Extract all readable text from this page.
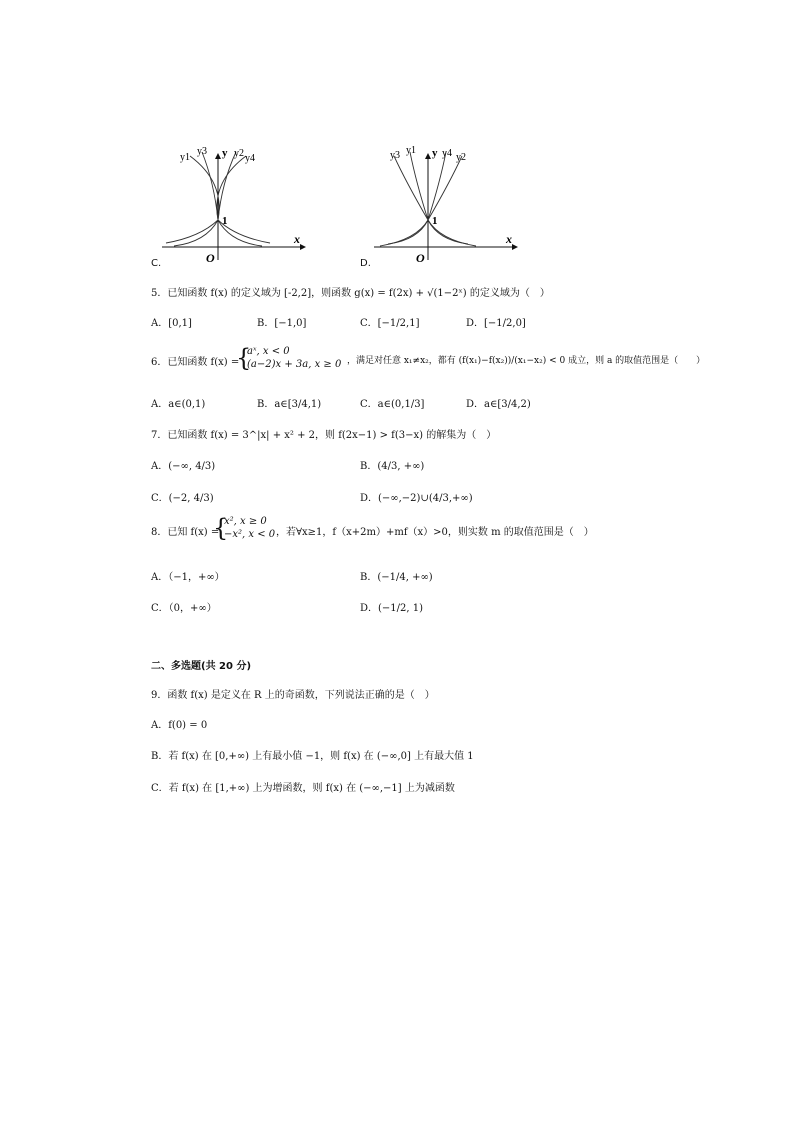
y1
y3 y y2 y4
1
x
O
C.
y3 y1 y y4 y2
1
x
O
D.
5．已知函数 f(x) 的定义域为 [-2,2]，则函数 g(x) = f(2x) + √(1−2ˣ) 的定义域为（　）
A．[0,1]	B．[−1,0]	C．[−1/2,1]	D．[−1/2,0]
6．已知函数 f(x) =
{
aˣ, x < 0
(a−2)x + 3a, x ≥ 0 ，满足对任意 x₁≠x₂，都有 (f(x₁)−f(x₂))/(x₁−x₂) < 0 成立，则 a 的取值范围是（　　）
A．a∈(0,1)	B．a∈[3/4,1)	C．a∈(0,1/3]	D．a∈[3/4,2)
7．已知函数 f(x) = 3^|x| + x² + 2，则 f(2x−1) > f(3−x) 的解集为（　）
A．(−∞, 4/3)	B．(4/3, +∞)
C．(−2, 4/3)	D．(−∞,−2)∪(4/3,+∞)
8．已知 f(x) =
{
x², x ≥ 0
−x², x < 0 ，若∀x≥1，f（x+2m）+mf（x）>0，则实数 m 的取值范围是（　）
A．（−1，+∞）	B．(−1/4, +∞)
C．（0，+∞）	D．(−1/2, 1)
二、多选题(共 20 分)
9．函数 f(x) 是定义在 R 上的奇函数，下列说法正确的是（　）
A．f(0) = 0
B．若 f(x) 在 [0,+∞) 上有最小值 −1，则 f(x) 在 (−∞,0] 上有最大值 1
C．若 f(x) 在 [1,+∞) 上为增函数，则 f(x) 在 (−∞,−1] 上为减函数
